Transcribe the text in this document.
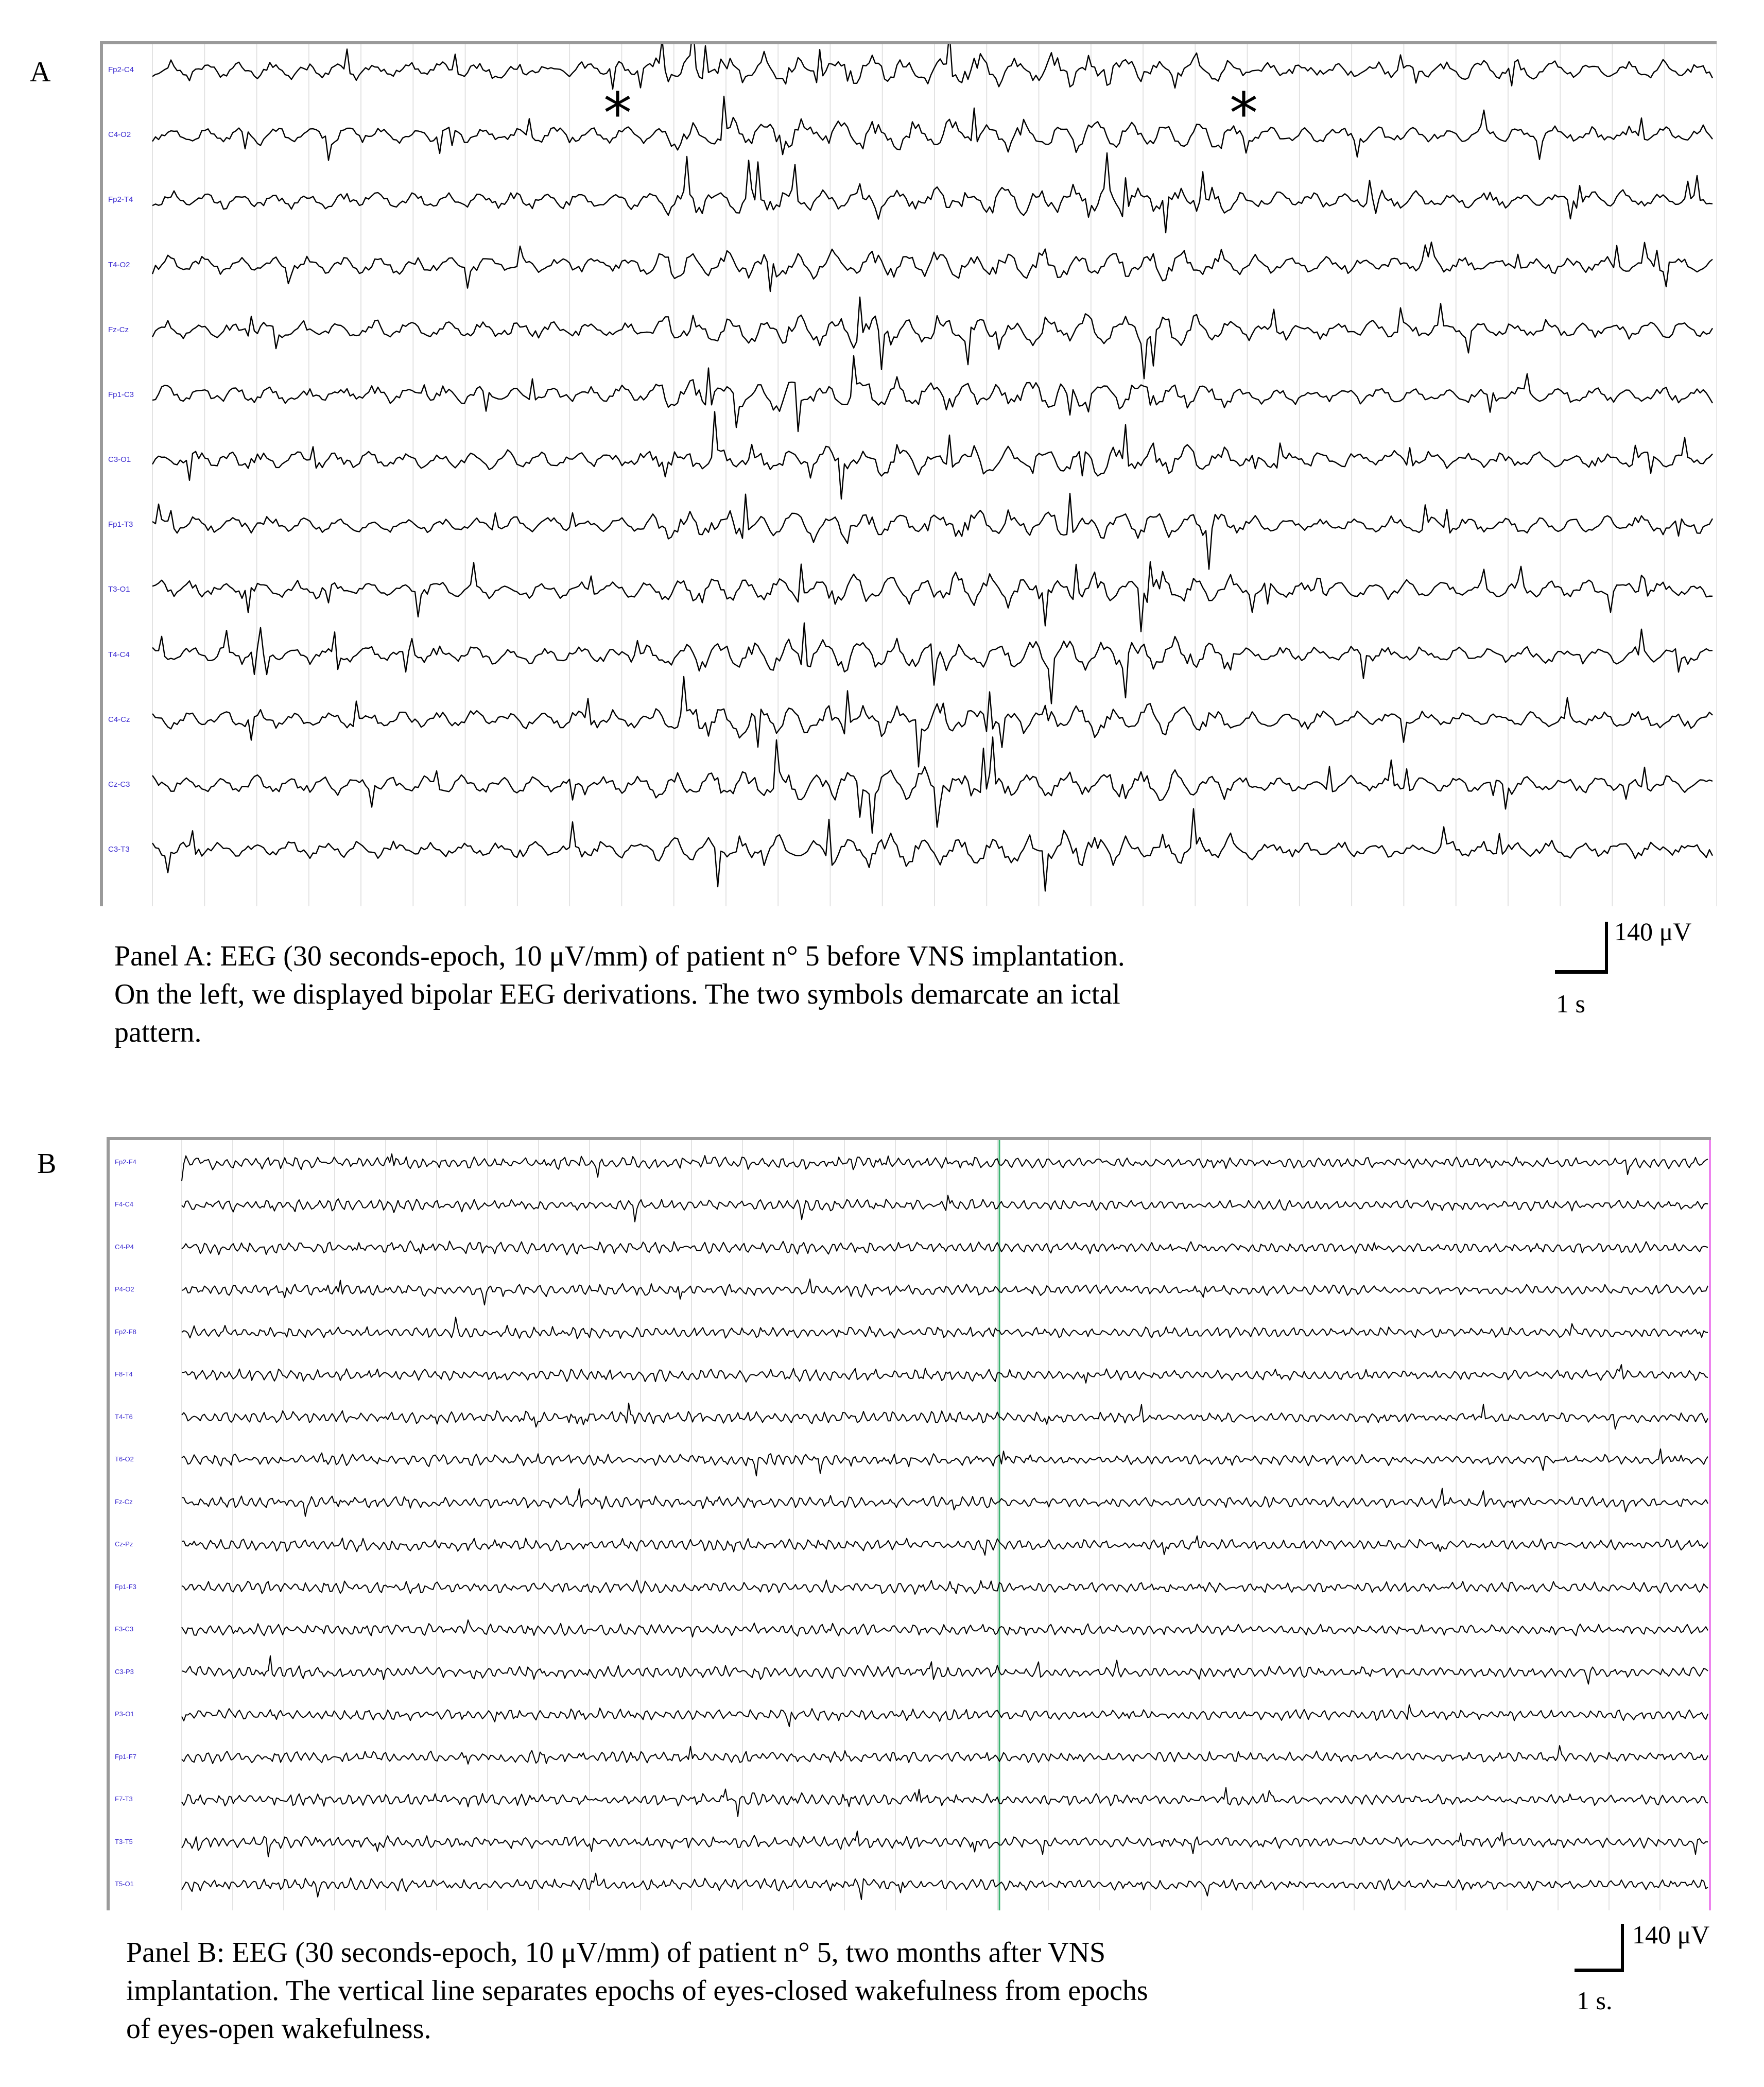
A	Fp2-C4
C4-O2
Fp2-T4
T4-O2
Fz-Cz
Fp1-C3
C3-O1
Fp1-T3
T3-O1
T4-C4
C4-Cz
Cz-C3
C3-T3
*	*
Panel A: EEG (30 seconds-epoch, 10 μV/mm) of patient n° 5 before VNS implantation.
On the left, we displayed bipolar EEG derivations. The two symbols demarcate an ictal
pattern.
140 μV
1 s
B	Fp2-F4
F4-C4
C4-P4
P4-O2
Fp2-F8
F8-T4
T4-T6
T6-O2
Fz-Cz
Cz-Pz
Fp1-F3
F3-C3
C3-P3
P3-O1
Fp1-F7
F7-T3
T3-T5
T5-O1
Panel B: EEG (30 seconds-epoch, 10 μV/mm) of patient n° 5, two months after VNS
implantation. The vertical line separates epochs of eyes-closed wakefulness from epochs
of eyes-open wakefulness.
140 μV
1 s.
